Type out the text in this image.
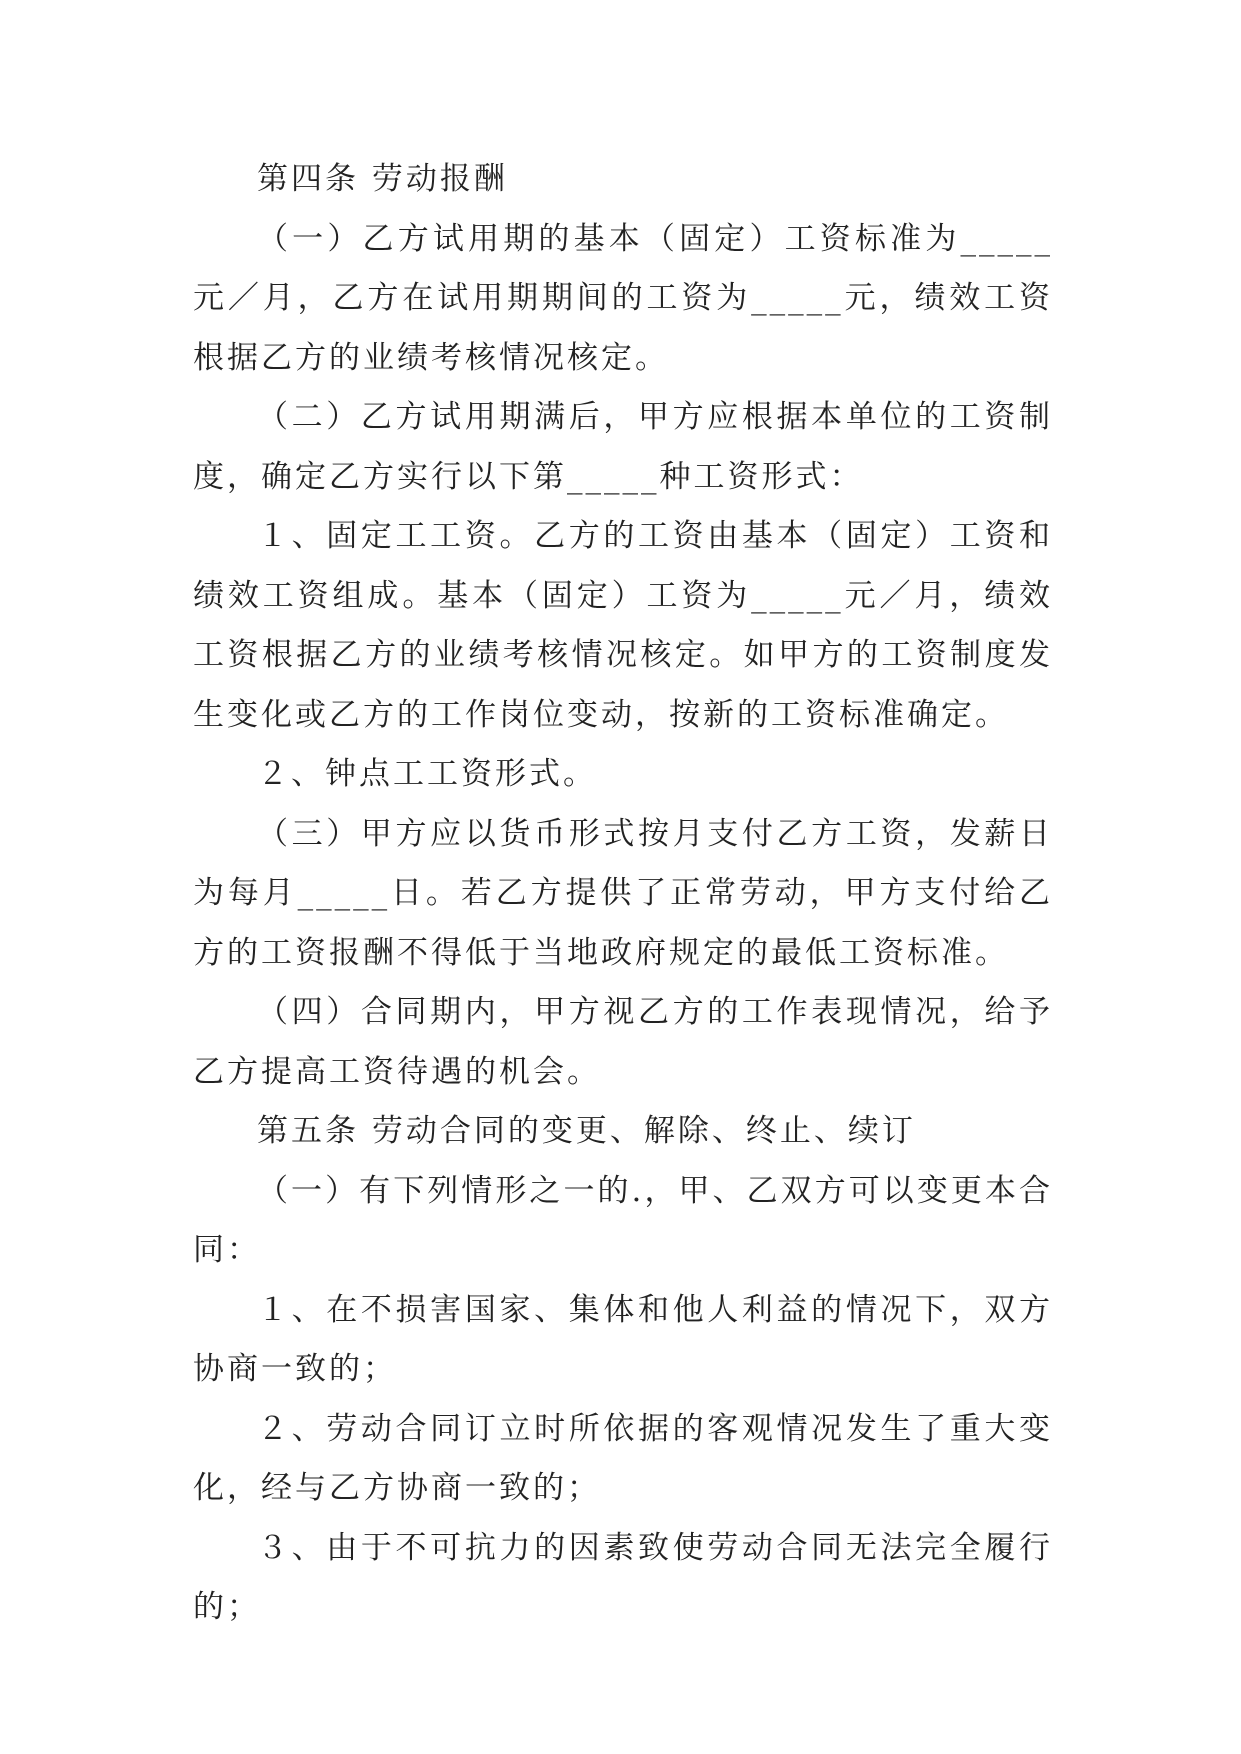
第四条 劳动报酬

（一）乙方试用期的基本（固定）工资标准为_____元／月，乙方在试用期期间的工资为_____元，绩效工资根据乙方的业绩考核情况核定。

（二）乙方试用期满后，甲方应根据本单位的工资制度，确定乙方实行以下第_____种工资形式：

１、固定工工资。乙方的工资由基本（固定）工资和绩效工资组成。基本（固定）工资为_____元／月，绩效工资根据乙方的业绩考核情况核定。如甲方的工资制度发生变化或乙方的工作岗位变动，按新的工资标准确定。

２、钟点工工资形式。

（三）甲方应以货币形式按月支付乙方工资，发薪日为每月_____日。若乙方提供了正常劳动，甲方支付给乙方的工资报酬不得低于当地政府规定的最低工资标准。

（四）合同期内，甲方视乙方的工作表现情况，给予乙方提高工资待遇的机会。

第五条 劳动合同的变更、解除、终止、续订

（一）有下列情形之一的.，甲、乙双方可以变更本合同：

１、在不损害国家、集体和他人利益的情况下，双方协商一致的；

２、劳动合同订立时所依据的客观情况发生了重大变化，经与乙方协商一致的；

３、由于不可抗力的因素致使劳动合同无法完全履行的；
